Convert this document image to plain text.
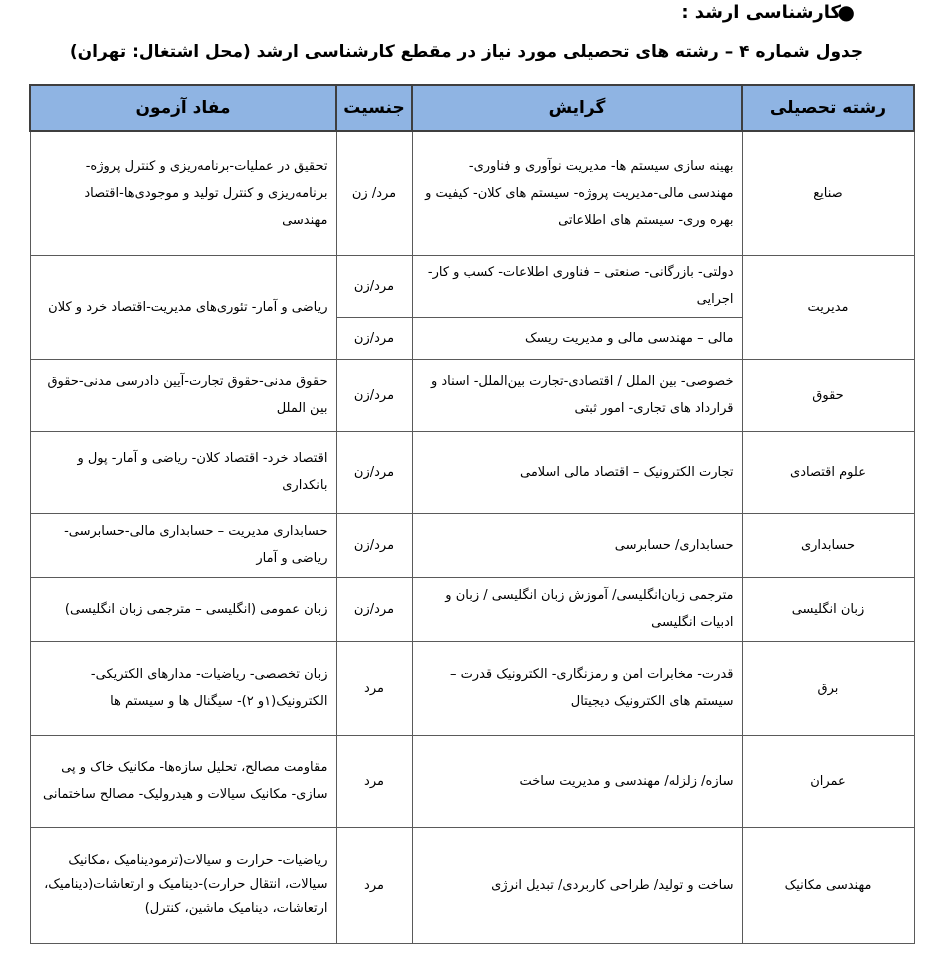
●
کارشناسی ارشد :
جدول شماره ۴ – رشته های تحصیلی مورد نیاز در مقطع کارشناسی ارشد (محل اشتغال: تهران)
رشته تحصیلی	گرایش	جنسیت	مفاد آزمون
صنایع	بهینه سازی سیستم ها- مدیریت نوآوری و فناوری- مهندسی مالی-مدیریت پروژه- سیستم های کلان- کیفیت و بهره وری- سیستم های اطلاعاتی	مرد/ زن	تحقیق در عملیات-برنامه‌ریزی و کنترل پروژه-برنامه‌ریزی و کنترل تولید و موجودی‌ها-اقتصاد مهندسی
مدیریت	دولتی- بازرگانی- صنعتی – فناوری اطلاعات- کسب و کار- اجرایی	مرد/زن	ریاضی و آمار- تئوری‌های مدیریت-اقتصاد خرد و کلان
	مالی – مهندسی مالی و مدیریت ریسک	مرد/زن	
حقوق	خصوصی- بین الملل / اقتصادی-تجارت بین‌الملل- اسناد و قرارداد های تجاری- امور ثبتی	مرد/زن	حقوق مدنی-حقوق تجارت-آیین دادرسی مدنی-حقوق بین الملل
علوم اقتصادی	تجارت الکترونیک – اقتصاد مالی اسلامی	مرد/زن	اقتصاد خرد- اقتصاد کلان- ریاضی و آمار- پول و بانکداری
حسابداری	حسابداری/ حسابرسی	مرد/زن	حسابداری مدیریت – حسابداری مالی-حسابرسی-ریاضی و آمار
زبان انگلیسی	مترجمی زبان‌انگلیسی/ آموزش زبان انگلیسی / زبان و ادبیات انگلیسی	مرد/زن	زبان عمومی (انگلیسی – مترجمی زبان انگلیسی)
برق	قدرت- مخابرات امن و رمزنگاری- الکترونیک قدرت – سیستم های الکترونیک دیجیتال	مرد	زبان تخصصی- ریاضیات- مدارهای الکتریکی- الکترونیک(۱و ۲)- سیگنال ها و سیستم ها
عمران	سازه/ زلزله/ مهندسی و مدیریت ساخت	مرد	مقاومت مصالح، تحلیل سازه‌ها- مکانیک خاک و پی سازی- مکانیک سیالات و هیدرولیک- مصالح ساختمانی
مهندسی مکانیک	ساخت و تولید/ طراحی کاربردی/ تبدیل انرژی	مرد	ریاضیات- حرارت و سیالات(ترمودینامیک ،مکانیک سیالات، انتقال حرارت)-دینامیک و ارتعاشات(دینامیک، ارتعاشات، دینامیک ماشین، کنترل)
